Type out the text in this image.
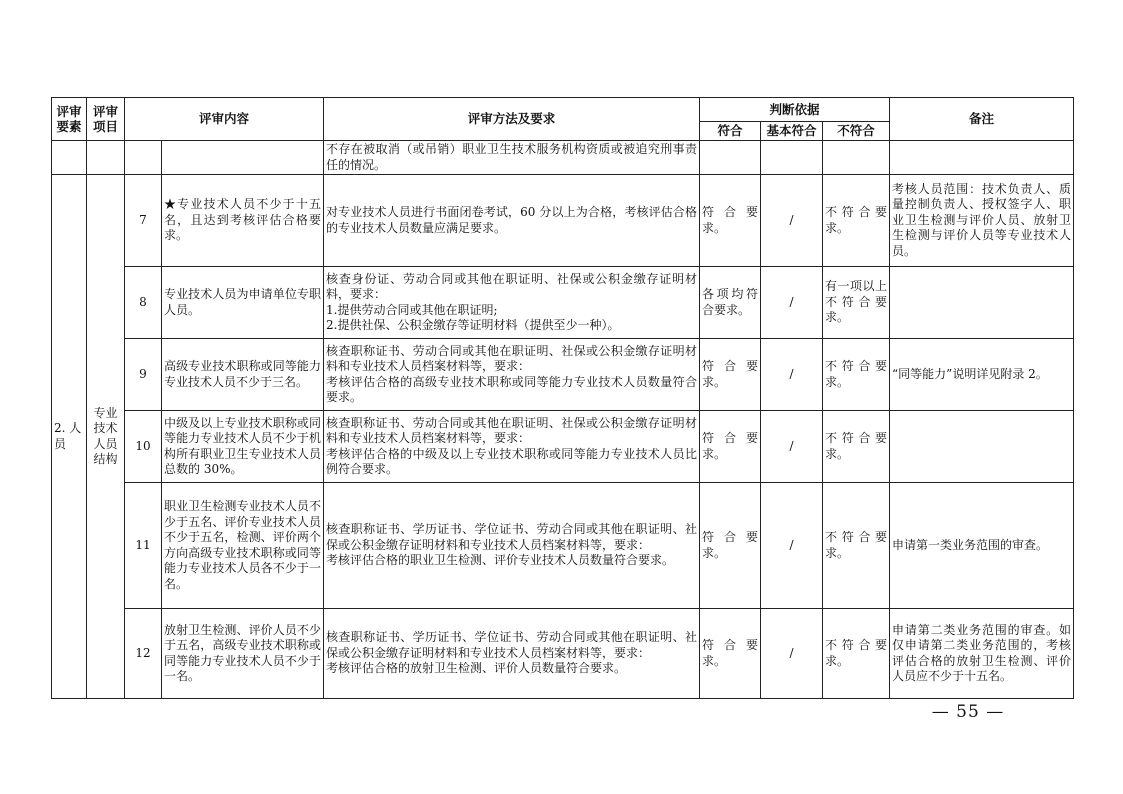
评审要素	评审项目	评审内容		评审方法及要求	判断依据			备注
					符合	基本符合	不符合	
				不存在被取消（或吊销）职业卫生技术服务机构资质或被追究刑事责任的情况。				
2. 人员	专业技术人员结构	7	★专业技术人员不少于十五名，且达到考核评估合格要求。	对专业技术人员进行书面闭卷考试，60 分以上为合格，考核评估合格的专业技术人员数量应满足要求。	符合要求。	/	不符合要求。	考核人员范围：技术负责人、质量控制负责人、授权签字人、职业卫生检测与评价人员、放射卫生检测与评价人员等专业技术人员。
		8	专业技术人员为申请单位专职人员。	核查身份证、劳动合同或其他在职证明、社保或公积金缴存证明材料，要求：
1.提供劳动合同或其他在职证明;
2.提供社保、公积金缴存等证明材料（提供至少一种）。	各项均符合要求。	/	有一项以上不符合要求。	
		9	高级专业技术职称或同等能力专业技术人员不少于三名。	核查职称证书、劳动合同或其他在职证明、社保或公积金缴存证明材料和专业技术人员档案材料等，要求：
考核评估合格的高级专业技术职称或同等能力专业技术人员数量符合要求。	符合要求。	/	不符合要求。	“同等能力”说明详见附录 2。
		10	中级及以上专业技术职称或同等能力专业技术人员不少于机构所有职业卫生专业技术人员总数的 30%。	核查职称证书、劳动合同或其他在职证明、社保或公积金缴存证明材料和专业技术人员档案材料等，要求：
考核评估合格的中级及以上专业技术职称或同等能力专业技术人员比例符合要求。	符合要求。	/	不符合要求。	
		11	职业卫生检测专业技术人员不少于五名、评价专业技术人员不少于五名，检测、评价两个方向高级专业技术职称或同等能力专业技术人员各不少于一名。	核查职称证书、学历证书、学位证书、劳动合同或其他在职证明、社保或公积金缴存证明材料和专业技术人员档案材料等，要求：
考核评估合格的职业卫生检测、评价专业技术人员数量符合要求。	符合要求。	/	不符合要求。	申请第一类业务范围的审查。
		12	放射卫生检测、评价人员不少于五名，高级专业技术职称或同等能力专业技术人员不少于一名。	核查职称证书、学历证书、学位证书、劳动合同或其他在职证明、社保或公积金缴存证明材料和专业技术人员档案材料等，要求：
考核评估合格的放射卫生检测、评价人员数量符合要求。	符合要求。	/	不符合要求。	申请第二类业务范围的审查。如仅申请第二类业务范围的，考核评估合格的放射卫生检测、评价人员应不少于十五名。
— 55 —
